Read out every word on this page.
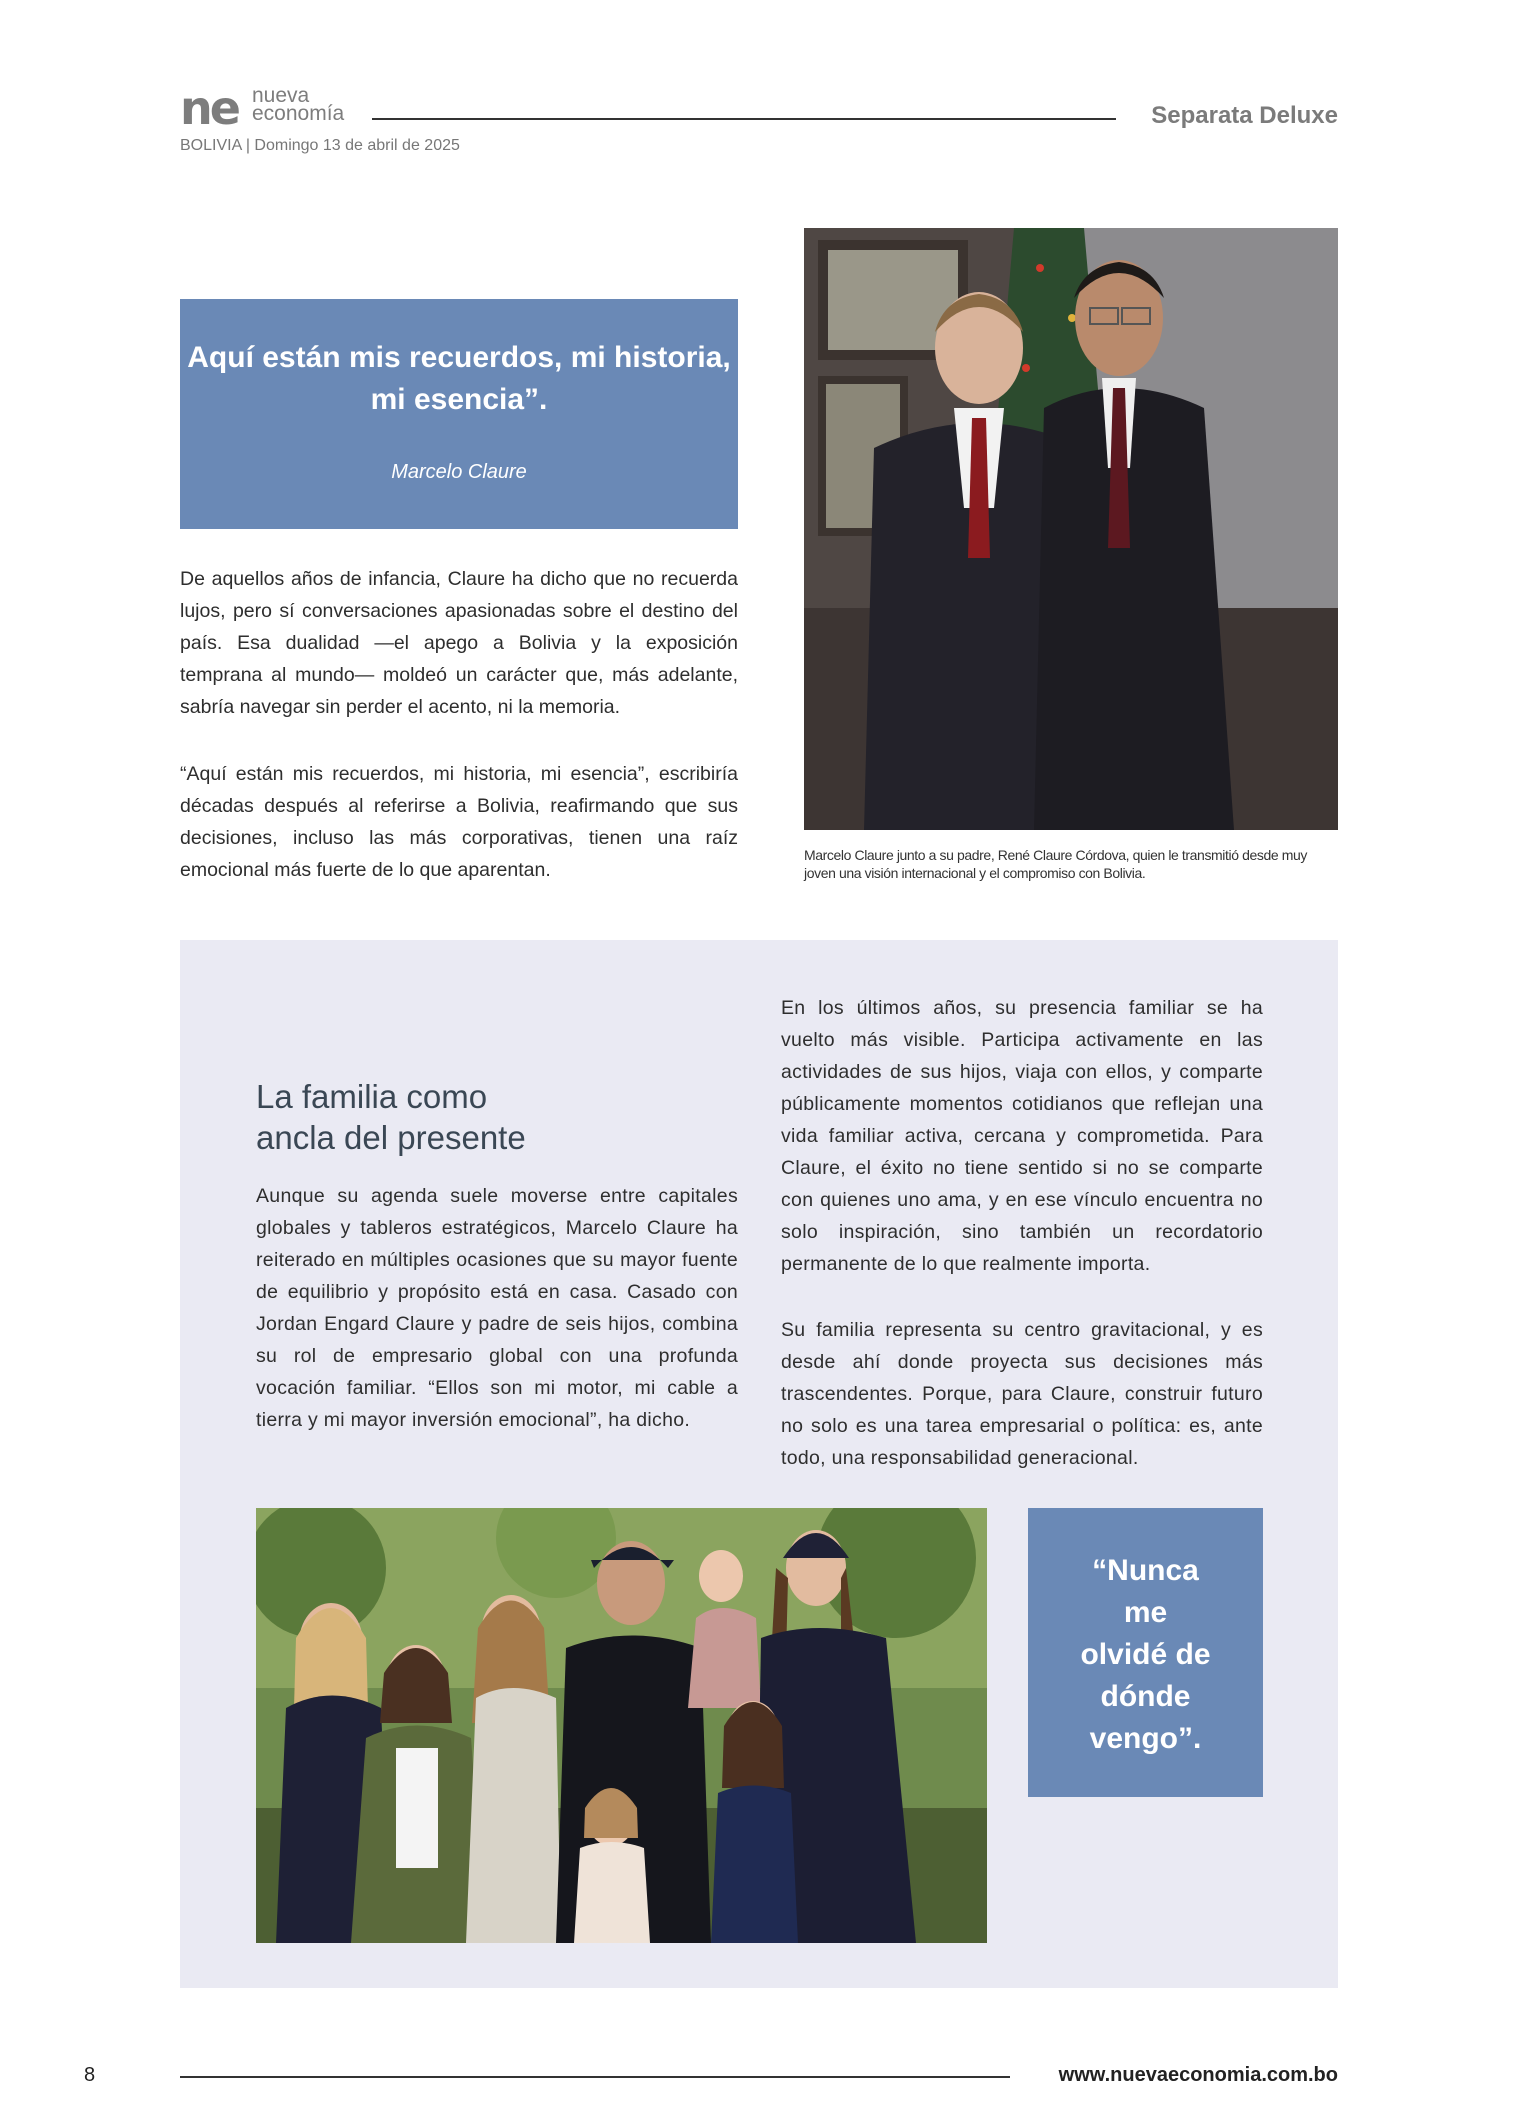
ne nueva
economía	Separata Deluxe
BOLIVIA | Domingo 13 de abril de 2025
Aquí están mis recuerdos, mi historia, mi esencia”.
Marcelo Claure

De aquellos años de infancia, Claure ha dicho que no recuerda lujos, pero sí conversaciones apasionadas sobre el destino del país. Esa dualidad —el apego a Bolivia y la exposición temprana al mundo— moldeó un carácter que, más adelante, sabría navegar sin perder el acento, ni la memoria.

“Aquí están mis recuerdos, mi historia, mi esencia”, escribiría décadas después al referirse a Bolivia, reafirmando que sus decisiones, incluso las más corporativas, tienen una raíz emocional más fuerte de lo que aparentan.

Marcelo Claure junto a su padre, René Claure Córdova, quien le transmitió desde muy joven una visión internacional y el compromiso con Bolivia.
La familia como
ancla del presente

Aunque su agenda suele moverse entre capitales globales y tableros estratégicos, Marcelo Claure ha reiterado en múltiples ocasiones que su mayor fuente de equilibrio y propósito está en casa. Casado con Jordan Engard Claure y padre de seis hijos, combina su rol de empresario global con una profunda vocación familiar. “Ellos son mi motor, mi cable a tierra y mi mayor inversión emocional”, ha dicho.

En los últimos años, su presencia familiar se ha vuelto más visible. Participa activamente en las actividades de sus hijos, viaja con ellos, y comparte públicamente momentos cotidianos que reflejan una vida familiar activa, cercana y comprometida. Para Claure, el éxito no tiene sentido si no se comparte con quienes uno ama, y en ese vínculo encuentra no solo inspiración, sino también un recordatorio permanente de lo que realmente importa.

Su familia representa su centro gravitacional, y es desde ahí donde proyecta sus decisiones más trascendentes. Porque, para Claure, construir futuro no solo es una tarea empresarial o política: es, ante todo, una responsabilidad generacional.

“Nunca
me
olvidé de
dónde
vengo”.
8	www.nuevaeconomia.com.bo
